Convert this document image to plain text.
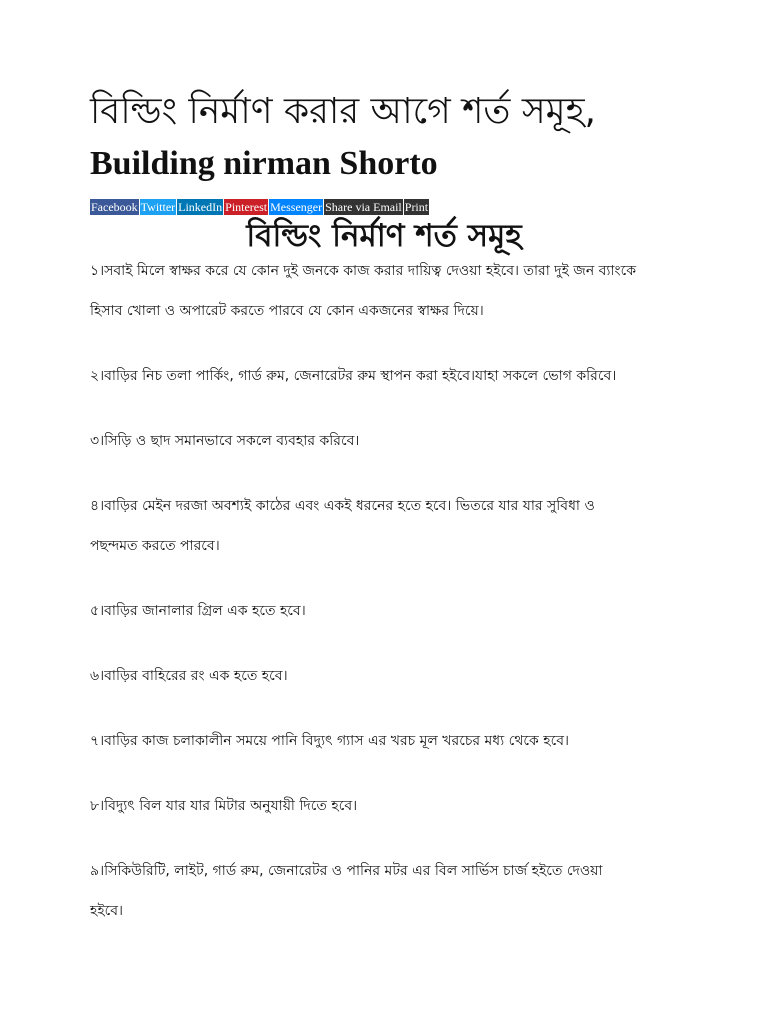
বিল্ডিং নির্মাণ করার আগে শর্ত সমূহ,
Building nirman Shorto
Facebook Twitter LinkedIn Pinterest Messenger Share via Email Print
বিল্ডিং নির্মাণ শর্ত সমূহ
১।সবাই মিলে স্বাক্ষর করে যে কোন দুই জনকে কাজ করার দায়িত্ব দেওয়া হইবে। তারা দুই জন ব্যাংকে
হিসাব খোলা ও অপারেট করতে পারবে যে কোন একজনের স্বাক্ষর দিয়ে।
২।বাড়ির নিচ তলা পার্কিং, গার্ড রুম, জেনারেটর রুম স্থাপন করা হইবে।যাহা সকলে ভোগ করিবে।
৩।সিড়ি ও ছাদ সমানভাবে সকলে ব্যবহার করিবে।
৪।বাড়ির মেইন দরজা অবশ্যই কাঠের এবং একই ধরনের হতে হবে। ভিতরে যার যার সুবিধা ও
পছন্দমত করতে পারবে।
৫।বাড়ির জানালার গ্রিল এক হতে হবে।
৬।বাড়ির বাহিরের রং এক হতে হবে।
৭।বাড়ির কাজ চলাকালীন সময়ে পানি বিদ্যুৎ গ্যাস এর খরচ মূল খরচের মধ্য থেকে হবে।
৮।বিদ্যুৎ বিল যার যার মিটার অনুযায়ী দিতে হবে।
৯।সিকিউরিটি, লাইট, গার্ড রুম, জেনারেটর ও পানির মটর এর বিল সার্ভিস চার্জ হইতে দেওয়া
হইবে।
